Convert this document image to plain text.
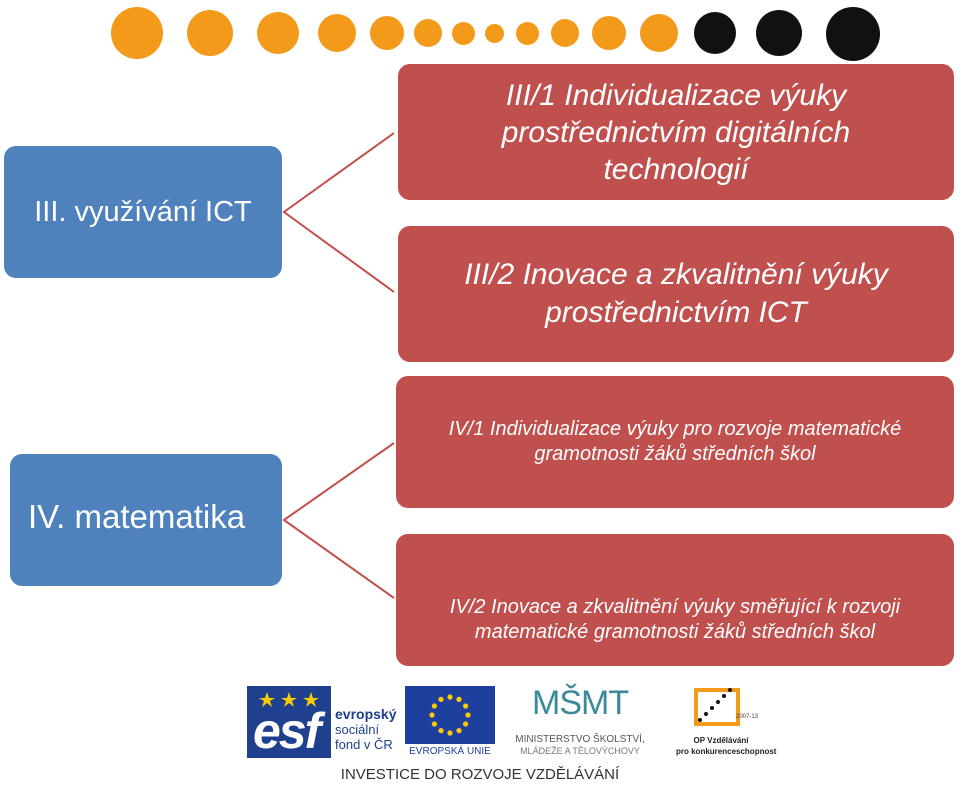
III. využívání ICT
IV. matematika
III/1 Individualizace výuky prostřednictvím digitálních technologií
III/2 Inovace a zkvalitnění výuky prostřednictvím ICT
IV/1 Individualizace výuky pro rozvoje matematické gramotnosti žáků středních škol
IV/2 Inovace a zkvalitnění výuky směřující k rozvoji matematické gramotnosti žáků středních škol
esf evropský
sociální
fond v ČR	EVROPSKÁ UNIE
MŠMT
MINISTERSTVO ŠKOLSTVÍ,
MLÁDEŽE A TĚLOVÝCHOVY
2007-13
OP Vzdělávání
pro konkurenceschopnost
INVESTICE DO ROZVOJE VZDĚLÁVÁNÍ
